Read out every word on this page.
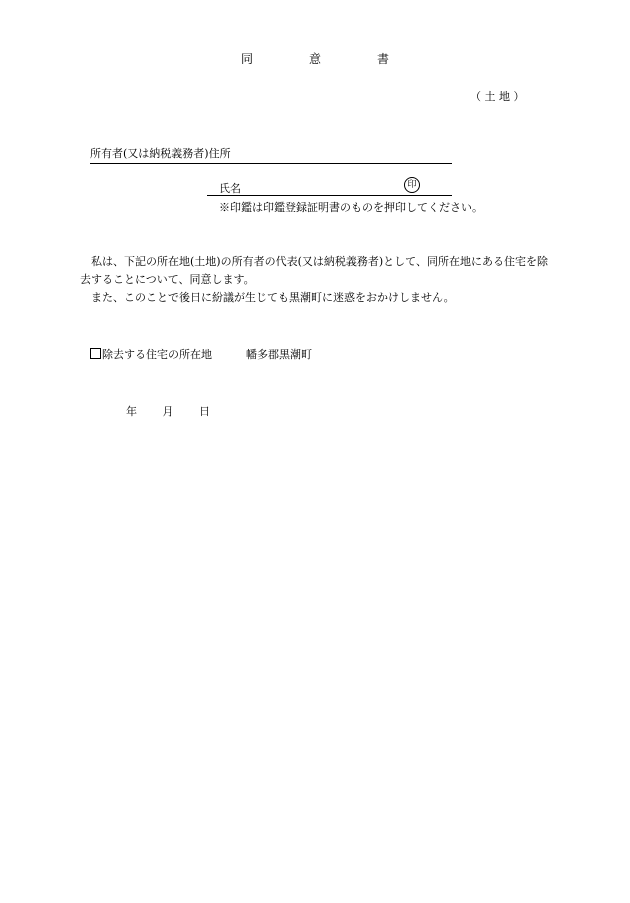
同	意	書
（ 土 地 ）
所有者(又は納税義務者)住所
氏名	印
※印鑑は印鑑登録証明書のものを押印してください。

私は、下記の所在地(土地)の所有者の代表(又は納税義務者)として、同所在地にある住宅を除去することについて、同意します。

また、このことで後日に紛議が生じても黒潮町に迷惑をおかけしません。

除去する住宅の所在地	幡多郡黒潮町
年 月 日
